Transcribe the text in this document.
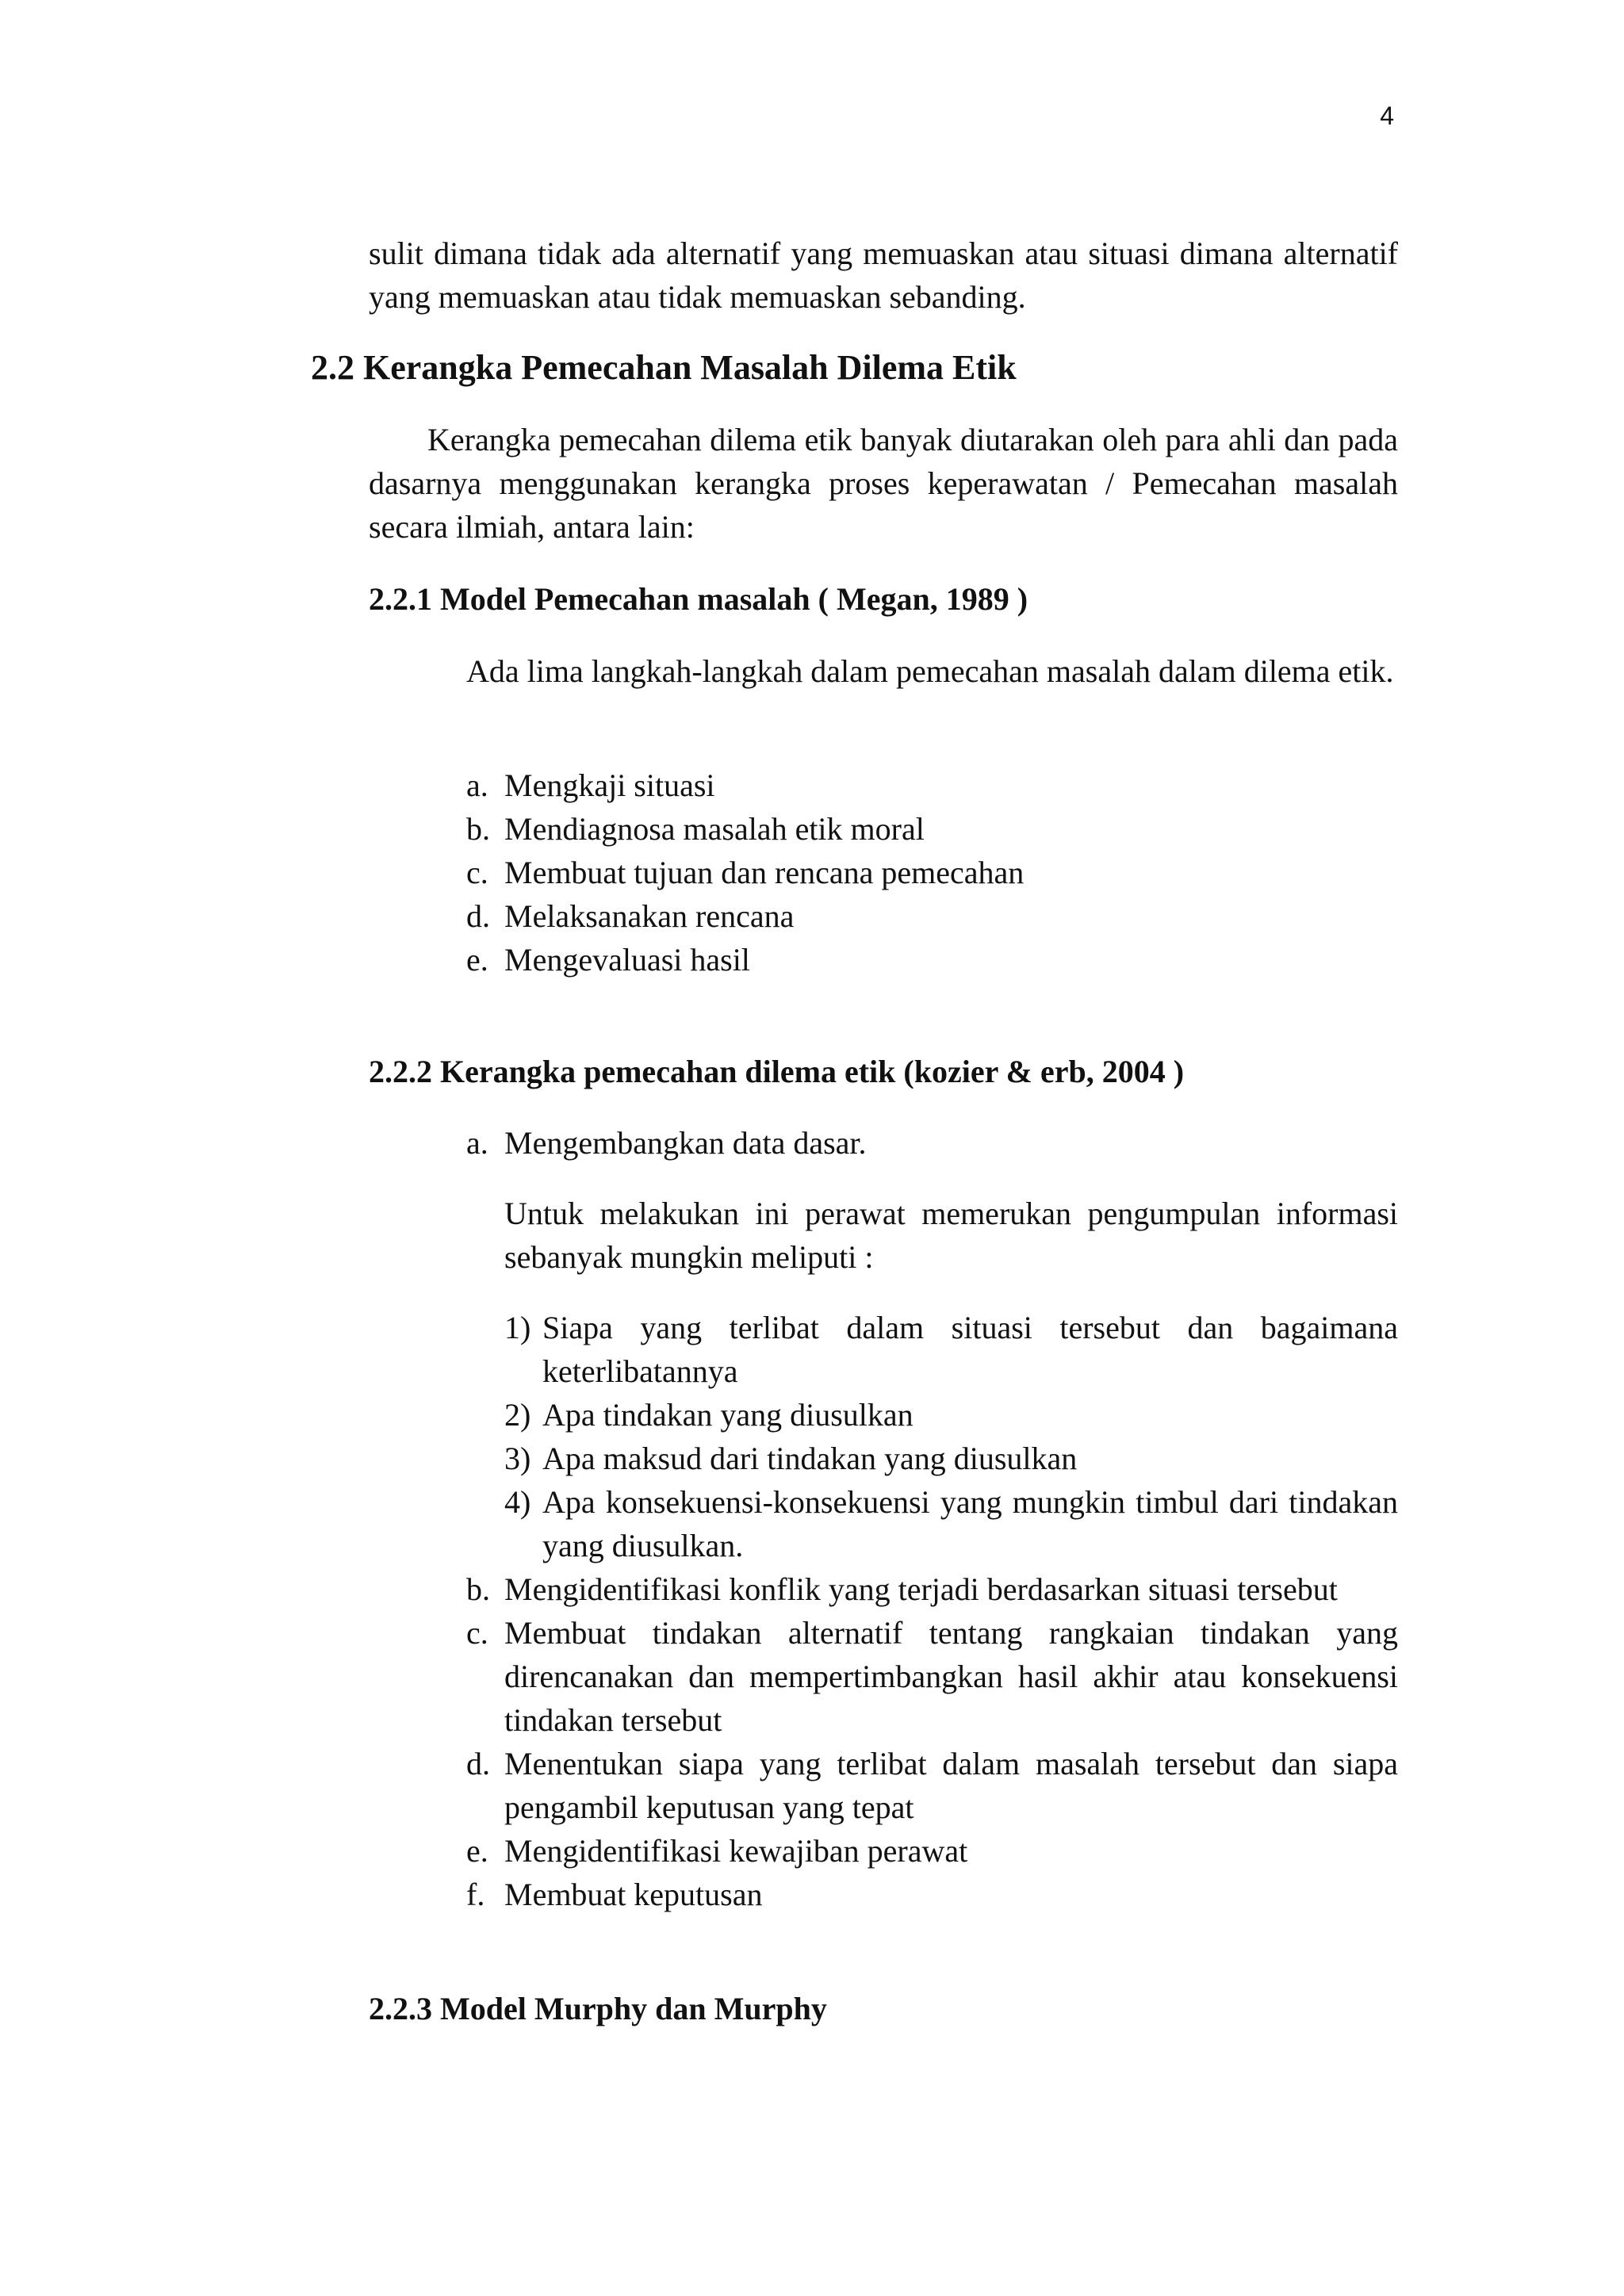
4

sulit dimana tidak ada alternatif yang memuaskan atau situasi dimana alternatif yang memuaskan atau tidak memuaskan sebanding.

2.2 Kerangka Pemecahan Masalah Dilema Etik

Kerangka pemecahan dilema etik banyak diutarakan oleh para ahli dan pada dasarnya menggunakan kerangka proses keperawatan / Pemecahan masalah secara ilmiah, antara lain:

2.2.1 Model Pemecahan masalah ( Megan, 1989 )

Ada lima langkah-langkah dalam pemecahan masalah dalam dilema etik.

a. Mengkaji situasi
b. Mendiagnosa masalah etik moral
c. Membuat tujuan dan rencana pemecahan
d. Melaksanakan rencana
e. Mengevaluasi hasil
2.2.2 Kerangka pemecahan dilema etik (kozier & erb, 2004 )
a. Mengembangkan data dasar.

Untuk melakukan ini perawat memerukan pengumpulan informasi sebanyak mungkin meliputi :

1) Siapa yang terlibat dalam situasi tersebut dan bagaimana keterlibatannya
2) Apa tindakan yang diusulkan
3) Apa maksud dari tindakan yang diusulkan
4) Apa konsekuensi-konsekuensi yang mungkin timbul dari tindakan yang diusulkan.
b. Mengidentifikasi konflik yang terjadi berdasarkan situasi tersebut
c. Membuat tindakan alternatif tentang rangkaian tindakan yang direncanakan dan mempertimbangkan hasil akhir atau konsekuensi tindakan tersebut
d. Menentukan siapa yang terlibat dalam masalah tersebut dan siapa pengambil keputusan yang tepat
e. Mengidentifikasi kewajiban perawat
f. Membuat keputusan
2.2.3 Model Murphy dan Murphy
